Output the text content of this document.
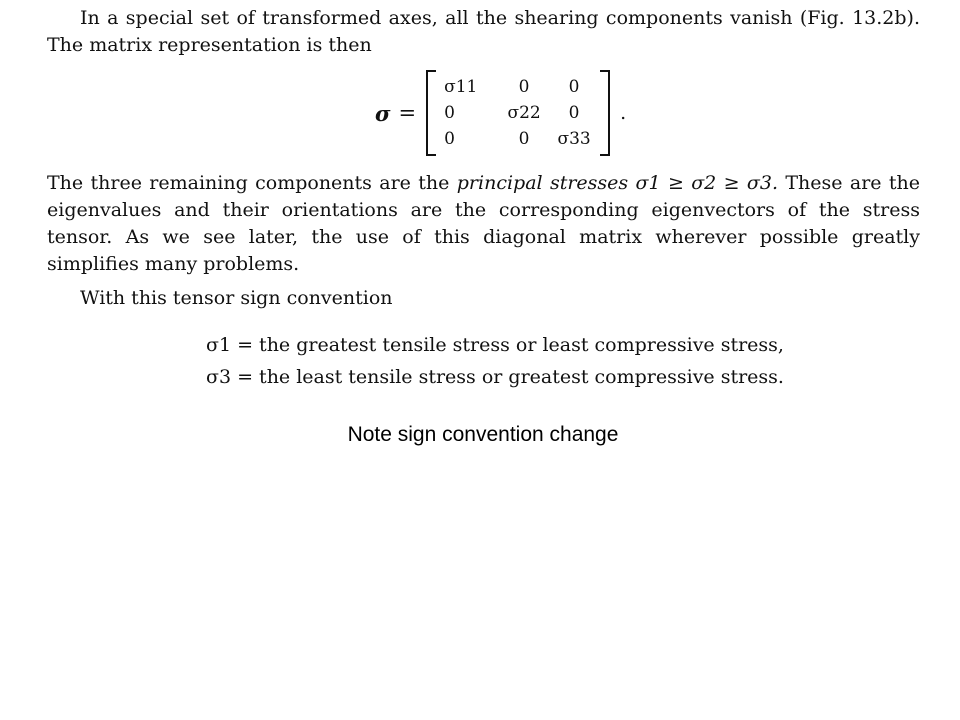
In a special set of transformed axes, all the shearing components vanish (Fig. 13.2b). The matrix representation is then
σ =
σ11	0	0
0	σ22	0
0	0	σ33
.
The three remaining components are the principal stresses σ1 ≥ σ2 ≥ σ3. These are the eigenvalues and their orientations are the corresponding eigenvectors of the stress tensor. As we see later, the use of this diagonal matrix wherever possible greatly simplifies many problems.
With this tensor sign convention
σ1 = the greatest tensile stress or least compressive stress,
σ3 = the least tensile stress or greatest compressive stress.
Note sign convention change
